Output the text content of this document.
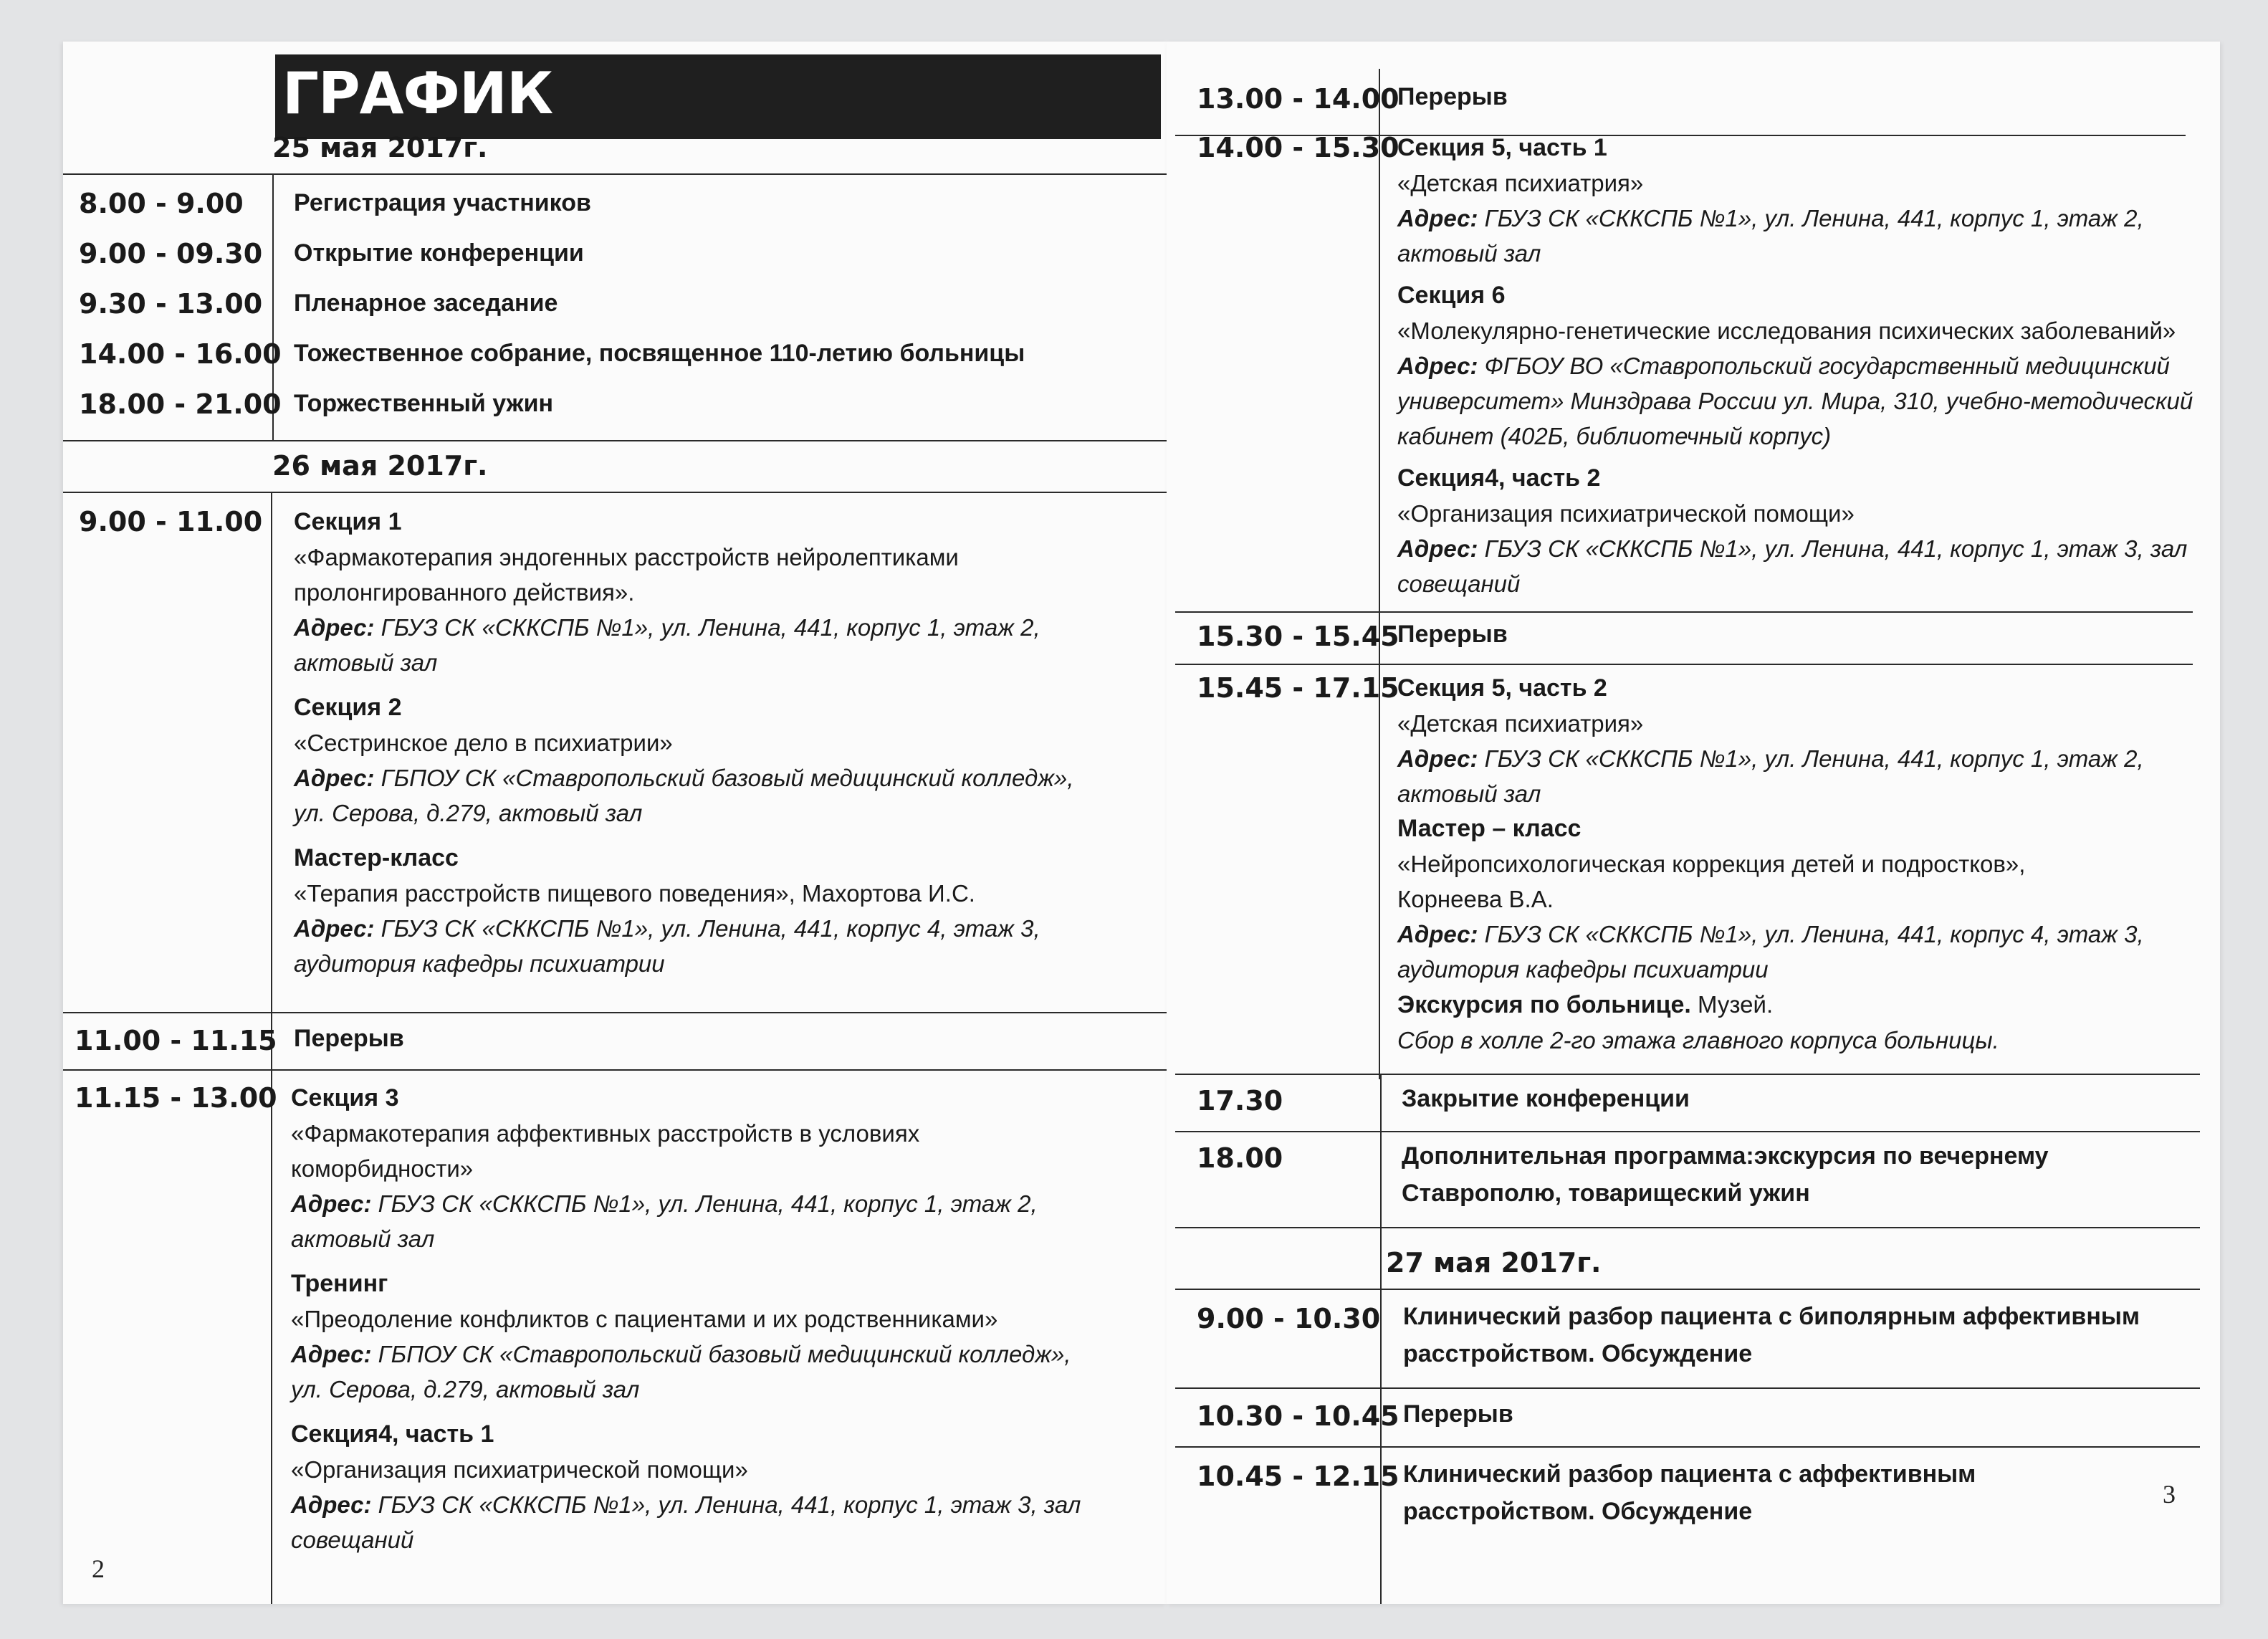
ГРАФИК
25 мая 2017г.
8.00 - 9.00 Регистрация участников
9.00 - 09.30 Открытие конференции
9.30 - 13.00 Пленарное заседание
14.00 - 16.00 Тожественное собрание, посвященное 110-летию больницы
18.00 - 21.00 Торжественный ужин
26 мая 2017г.
9.00 - 11.00 Секция 1
«Фармакотерапия эндогенных расстройств нейролептиками
пролонгированного действия».
Адрес: ГБУЗ СК «СККСПБ №1», ул. Ленина, 441, корпус 1, этаж 2,
актовый зал
Секция 2
«Сестринское дело в психиатрии»
Адрес: ГБПОУ СК «Ставропольский базовый медицинский колледж»,
ул. Серова, д.279, актовый зал
Мастер-класс
«Терапия расстройств пищевого поведения», Махортова И.С.
Адрес: ГБУЗ СК «СККСПБ №1», ул. Ленина, 441, корпус 4, этаж 3,
аудитория кафедры психиатрии
11.00 - 11.15 Перерыв
11.15 - 13.00 Секция 3
«Фармакотерапия аффективных расстройств в условиях
коморбидности»
Адрес: ГБУЗ СК «СККСПБ №1», ул. Ленина, 441, корпус 1, этаж 2,
актовый зал
Тренинг
«Преодоление конфликтов с пациентами и их родственниками»
Адрес: ГБПОУ СК «Ставропольский базовый медицинский колледж»,
ул. Серова, д.279, актовый зал
Секция4, часть 1
«Организация психиатрической помощи»
Адрес: ГБУЗ СК «СККСПБ №1», ул. Ленина, 441, корпус 1, этаж 3, зал
совещаний
2
13.00 - 14.00
Перерыв
14.00 - 15.30
Секция 5, часть 1
«Детская психиатрия»
Адрес: ГБУЗ СК «СККСПБ №1», ул. Ленина, 441, корпус 1, этаж 2,
актовый зал
Секция 6
«Молекулярно-генетические исследования психических заболеваний»
Адрес: ФГБОУ ВО «Ставропольский государственный медицинский
университет» Минздрава России ул. Мира, 310, учебно-методический
кабинет (402Б, библиотечный корпус)
Секция4, часть 2
«Организация психиатрической помощи»
Адрес: ГБУЗ СК «СККСПБ №1», ул. Ленина, 441, корпус 1, этаж 3, зал
совещаний
15.30 - 15.45
Перерыв
15.45 - 17.15
Секция 5, часть 2
«Детская психиатрия»
Адрес: ГБУЗ СК «СККСПБ №1», ул. Ленина, 441, корпус 1, этаж 2,
актовый зал
Мастер – класс
«Нейропсихологическая коррекция детей и подростков»,
Корнеева В.А.
Адрес: ГБУЗ СК «СККСПБ №1», ул. Ленина, 441, корпус 4, этаж 3,
аудитория кафедры психиатрии
Экскурсия по больнице. Музей.
Сбор в холле 2-го этажа главного корпуса больницы.
17.30	Закрытие конференции
18.00	Дополнительная программа:экскурсия по вечернему
Ставрополю, товарищеский ужин
27 мая 2017г.
9.00 - 10.30 Клинический разбор пациента с биполярным аффективным
расстройством. Обсуждение
10.30 - 10.45 Перерыв
10.45 - 12.15 Клинический разбор пациента с аффективным
расстройством. Обсуждение
3
